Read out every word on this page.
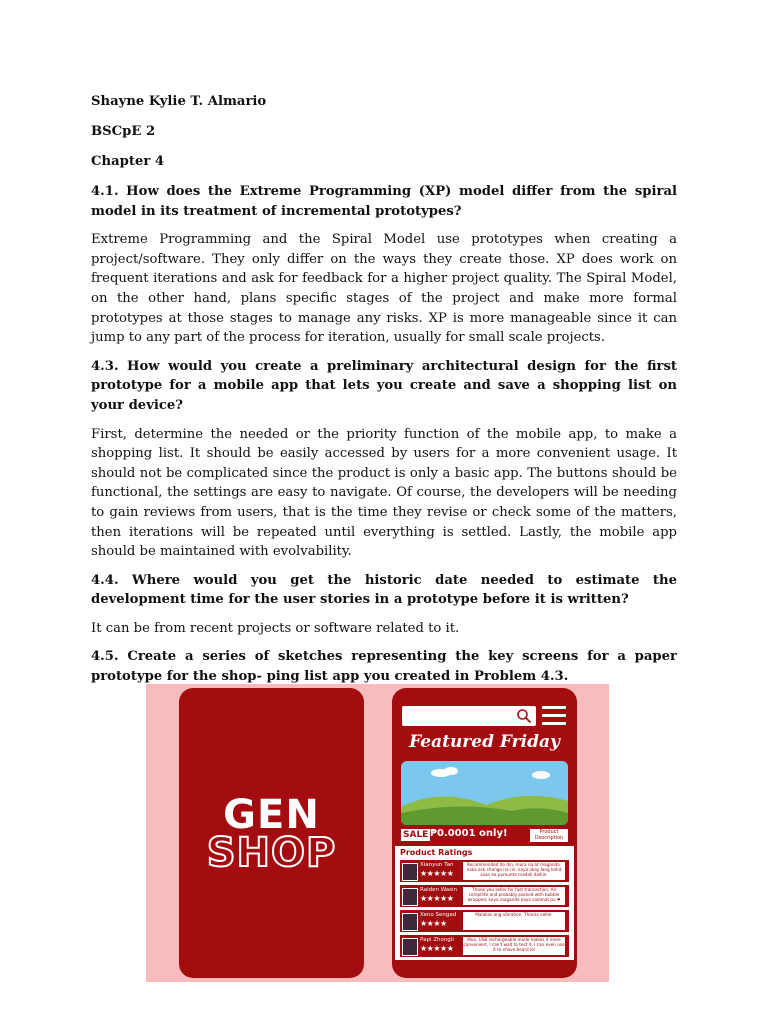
Shayne Kylie T. Almario

BSCpE 2

Chapter 4

4.1. How does the Extreme Programming (XP) model differ from the spiral model in its treatment of incremental prototypes?

Extreme Programming and the Spiral Model use prototypes when creating a project/software. They only differ on the ways they create those. XP does work on frequent iterations and ask for feedback for a higher project quality. The Spiral Model, on the other hand, plans specific stages of the project and make more formal prototypes at those stages to manage any risks. XP is more manageable since it can jump to any part of the process for iteration, usually for small scale projects.

4.3. How would you create a preliminary architectural design for the first prototype for a mobile app that lets you create and save a shopping list on your device?

First, determine the needed or the priority function of the mobile app, to make a shopping list. It should be easily accessed by users for a more convenient usage. It should not be complicated since the product is only a basic app. The buttons should be functional, the settings are easy to navigate. Of course, the developers will be needing to gain reviews from users, that is the time they revise or check some of the matters, then iterations will be repeated until everything is settled. Lastly, the mobile app should be maintained with evolvability.

4.4. Where would you get the historic date needed to estimate the development time for the user stories in a prototype before it is written?

It can be from recent projects or software related to it.

4.5. Create a series of sketches representing the key screens for a paper prototype for the shop- ping list app you created in Problem 4.3.

GEN
SHOP
Featured Friday
SALE ₱0.0001 only!	Product Description
Product Ratings
Xianyun Tan
★★★★★
Recommended ito din, mura na at maganda. naka ask change na rin, kaya okay lang kahit saan ka pumunta madali dalhin.
Raiden Wasin
★★★★★
Thank you seller for fast transaction. All complete and probably packed with bubble wrapped, kaya maganda kayo salamat po ❤
Xeno Sengad
★★★★
Malakas ang vibration. Thanks seller.
Papi Zhongli
★★★★★
Moo, USB rechargeable mode makes it more convenient, I can't wait to test it, I can even use it to shave beard lol
